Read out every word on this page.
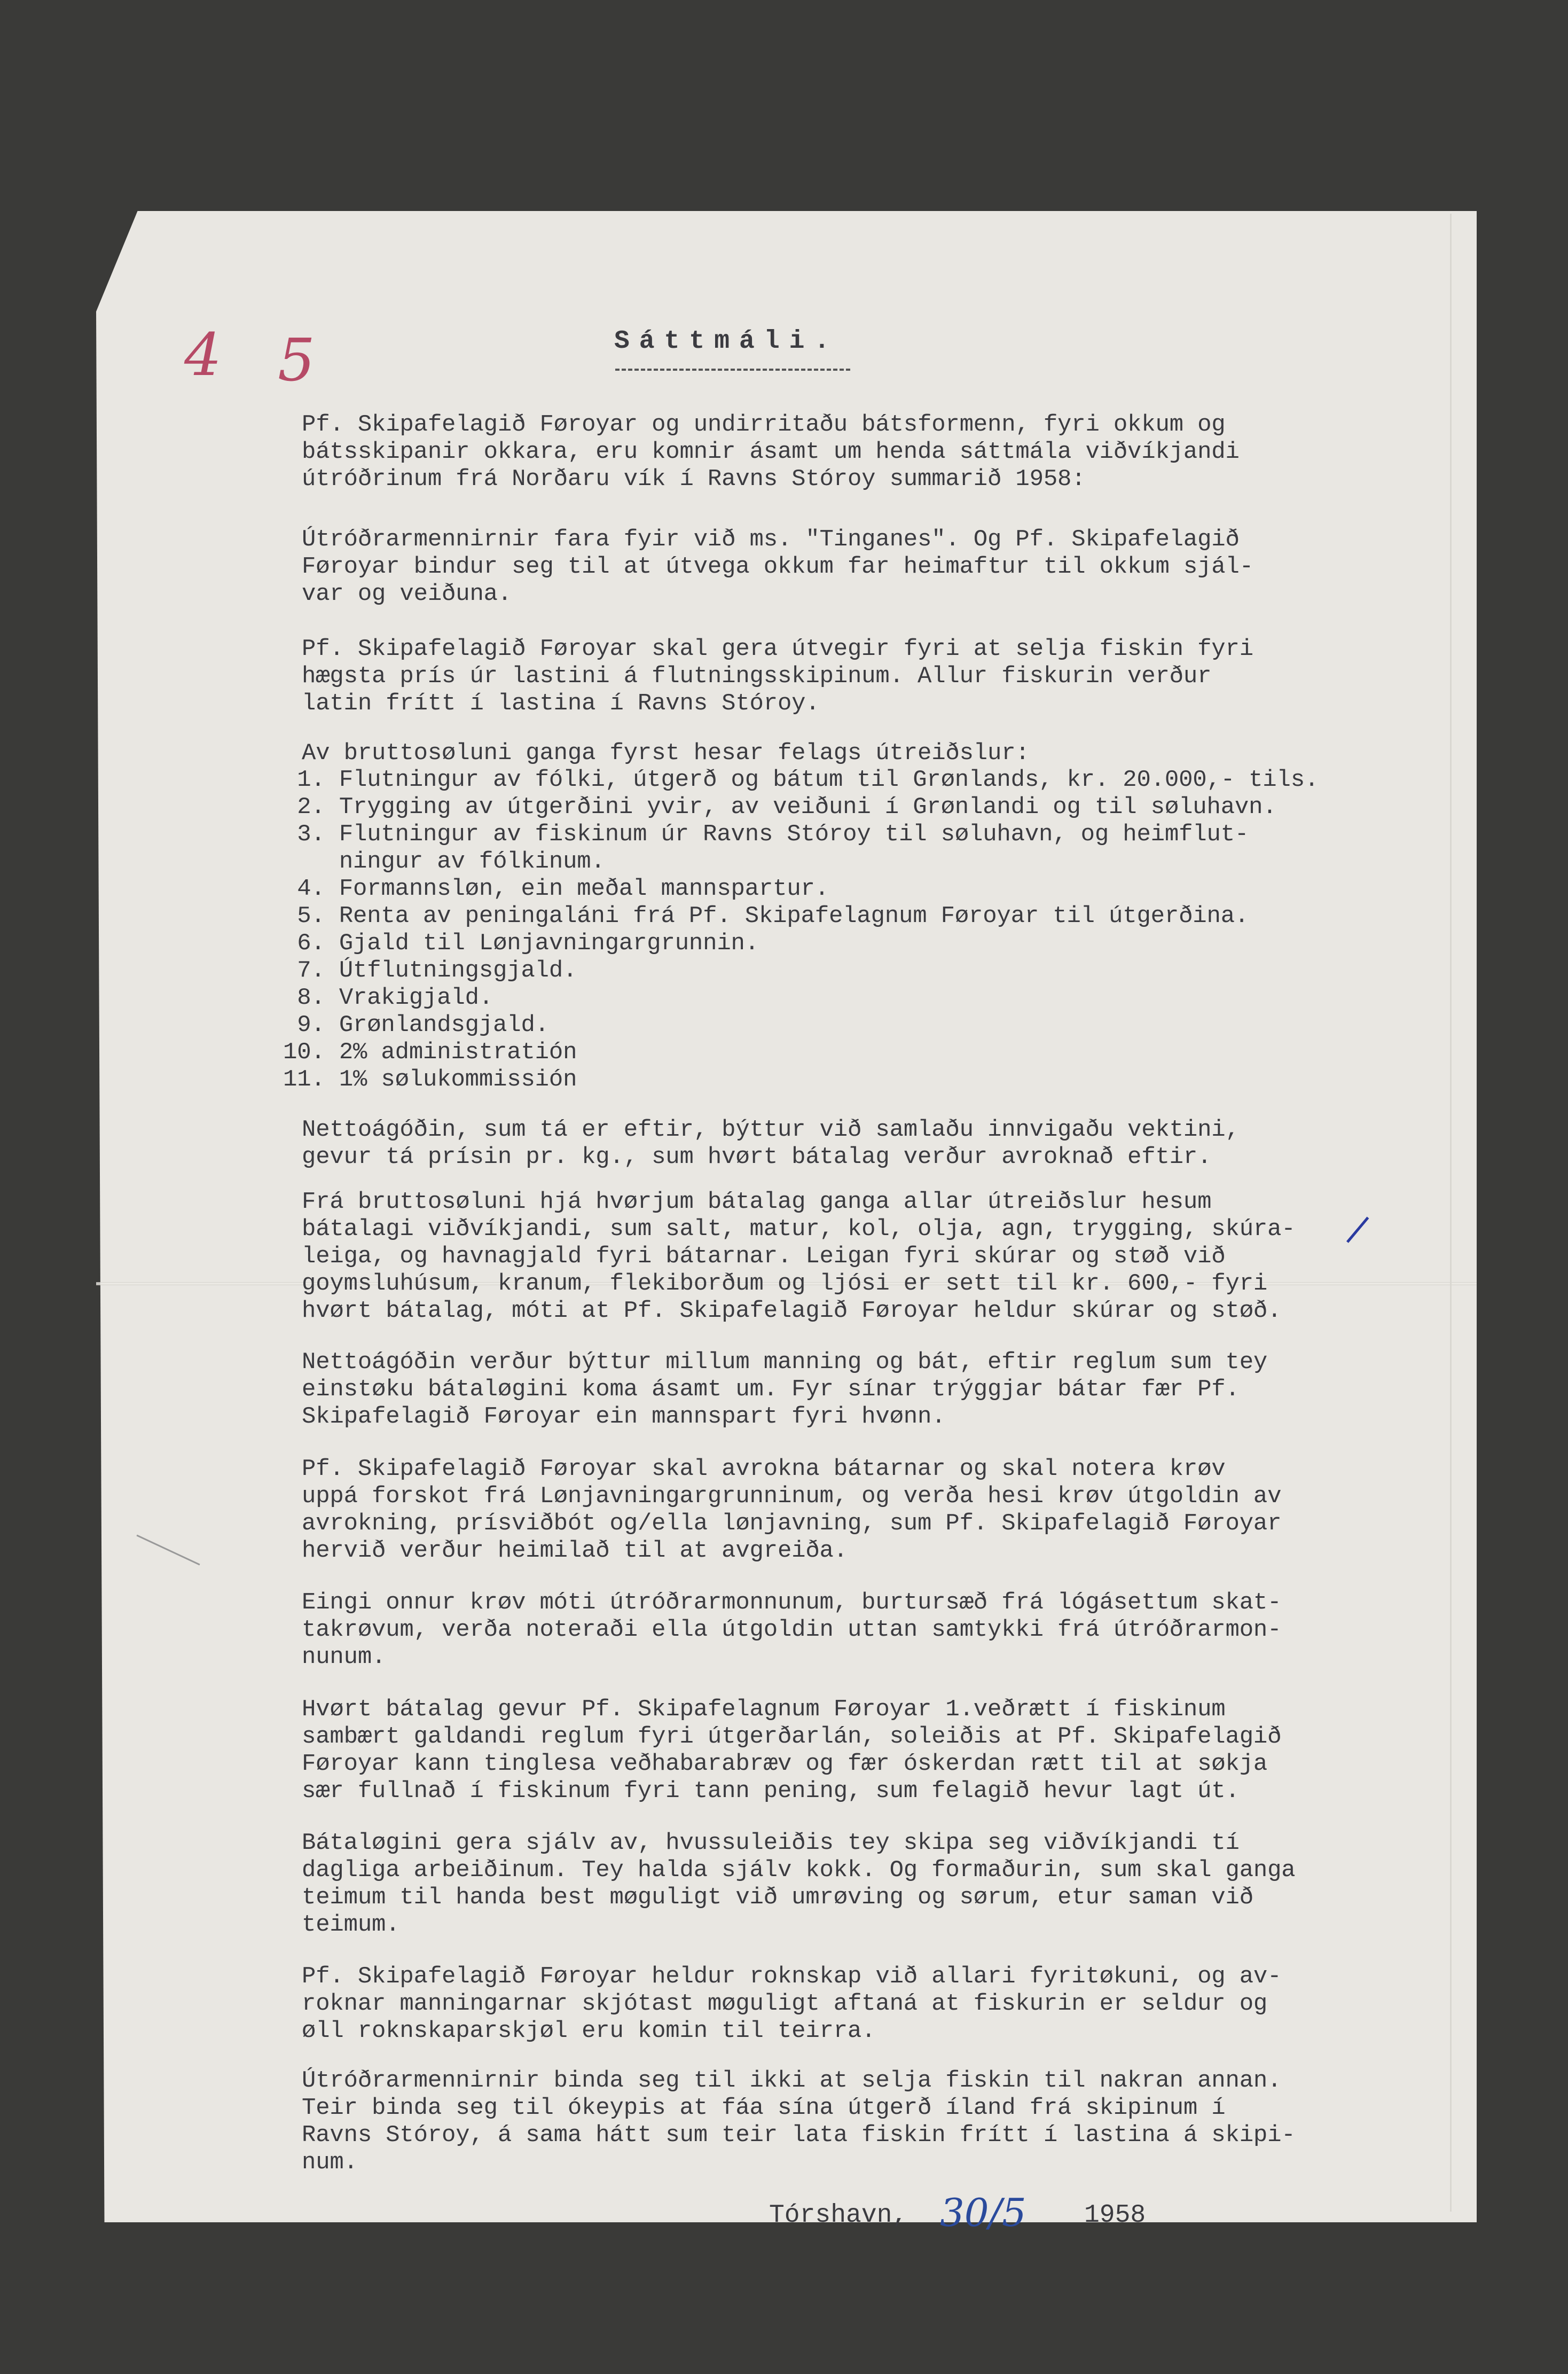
4 5	Sáttmáli.
Pf. Skipafelagið Føroyar og undirritaðu bátsformenn, fyri okkum og
bátsskipanir okkara, eru komnir ásamt um henda sáttmála viðvíkjandi
útróðrinum frá Norðaru vík í Ravns Stóroy summarið 1958:
Útróðrarmennirnir fara fyir við ms. "Tinganes". Og Pf. Skipafelagið
Føroyar bindur seg til at útvega okkum far heimaftur til okkum sjál-
var og veiðuna.
Pf. Skipafelagið Føroyar skal gera útvegir fyri at selja fiskin fyri
hægsta prís úr lastini á flutningsskipinum. Allur fiskurin verður
latin frítt í lastina í Ravns Stóroy.
Av bruttosøluni ganga fyrst hesar felags útreiðslur:
1. Flutningur av fólki, útgerð og bátum til Grønlands, kr. 20.000,- tils.
2. Trygging av útgerðini yvir, av veiðuni í Grønlandi og til søluhavn.
3. Flutningur av fiskinum úr Ravns Stóroy til søluhavn, og heimflut-
ningur av fólkinum.
4. Formannsløn, ein meðal mannspartur.
5. Renta av peningaláni frá Pf. Skipafelagnum Føroyar til útgerðina.
6. Gjald til Lønjavningargrunnin.
7. Útflutningsgjald.
8. Vrakigjald.
9. Grønlandsgjald.
10. 2% administratión
11. 1% sølukommissión
Nettoágóðin, sum tá er eftir, býttur við samlaðu innvigaðu vektini,
gevur tá prísin pr. kg., sum hvørt bátalag verður avroknað eftir.
Frá bruttosøluni hjá hvørjum bátalag ganga allar útreiðslur hesum
bátalagi viðvíkjandi, sum salt, matur, kol, olja, agn, trygging, skúra-
leiga, og havnagjald fyri bátarnar. Leigan fyri skúrar og støð við
goymsluhúsum, kranum, flekiborðum og ljósi er sett til kr. 600,- fyri
hvørt bátalag, móti at Pf. Skipafelagið Føroyar heldur skúrar og støð.
Nettoágóðin verður býttur millum manning og bát, eftir reglum sum tey
einstøku bátaløgini koma ásamt um. Fyr sínar trýggjar bátar fær Pf.
Skipafelagið Føroyar ein mannspart fyri hvønn.
Pf. Skipafelagið Føroyar skal avrokna bátarnar og skal notera krøv
uppá forskot frá Lønjavningargrunninum, og verða hesi krøv útgoldin av
avrokning, prísviðbót og/ella lønjavning, sum Pf. Skipafelagið Føroyar
hervið verður heimilað til at avgreiða.
Eingi onnur krøv móti útróðrarmonnunum, burtursæð frá lógásettum skat-
takrøvum, verða noteraði ella útgoldin uttan samtykki frá útróðrarmon-
nunum.
Hvørt bátalag gevur Pf. Skipafelagnum Føroyar 1.veðrætt í fiskinum
sambært galdandi reglum fyri útgerðarlán, soleiðis at Pf. Skipafelagið
Føroyar kann tinglesa veðhabarabræv og fær óskerdan rætt til at søkja
sær fullnað í fiskinum fyri tann pening, sum felagið hevur lagt út.
Bátaløgini gera sjálv av, hvussuleiðis tey skipa seg viðvíkjandi tí
dagliga arbeiðinum. Tey halda sjálv kokk. Og formaðurin, sum skal ganga
teimum til handa best møguligt við umrøving og sørum, etur saman við
teimum.
Pf. Skipafelagið Føroyar heldur roknskap við allari fyritøkuni, og av-
roknar manningarnar skjótast møguligt aftaná at fiskurin er seldur og
øll roknskaparskjøl eru komin til teirra.
Útróðrarmennirnir binda seg til ikki at selja fiskin til nakran annan.
Teir binda seg til ókeypis at fáa sína útgerð íland frá skipinum í
Ravns Stóroy, á sama hátt sum teir lata fiskin frítt í lastina á skipi-
num.
Tórshavn, 30/5 1958
